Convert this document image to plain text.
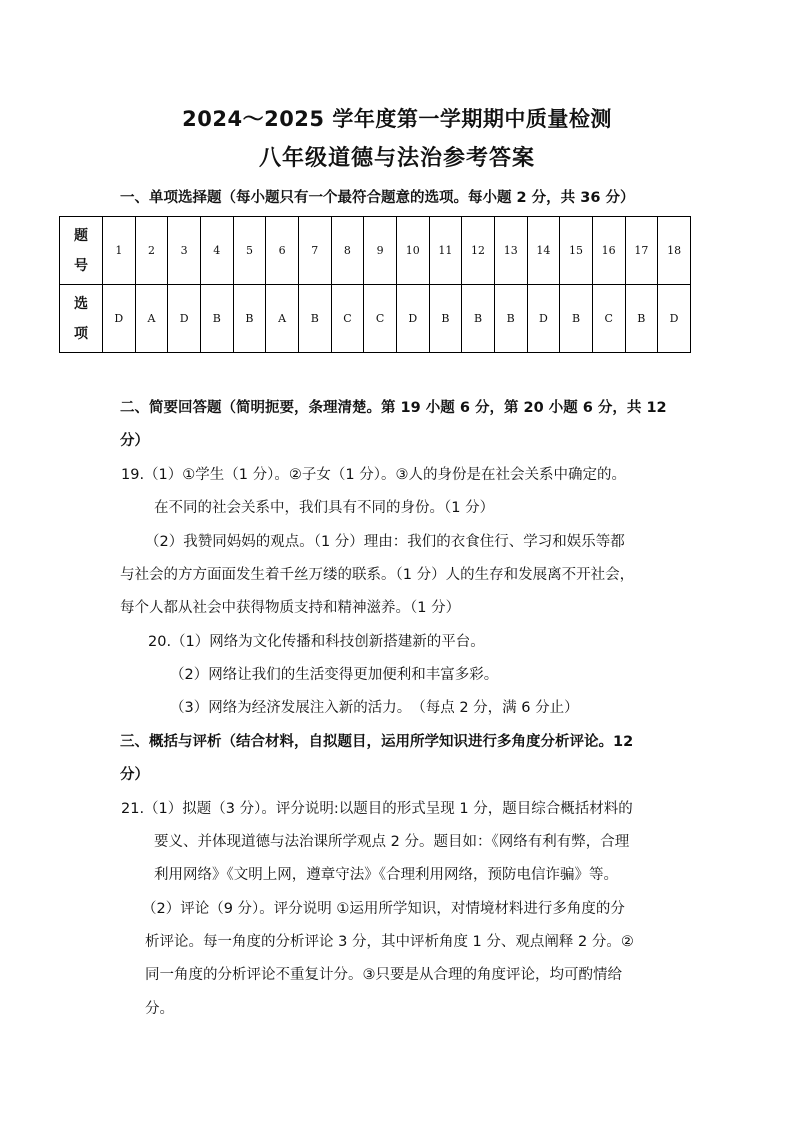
2024～2025 学年度第一学期期中质量检测
八年级道德与法治参考答案
一、单项选择题（每小题只有一个最符合题意的选项。每小题 2 分，共 36 分）
题
号	1	2	3	4	5	6	7	8	9	10	11	12	13	14	15	16	17	18

选
项	D	A	D	B	B	A	B	C	C	D	B	B	B	D	B	C	B	D
二、简要回答题（简明扼要，条理清楚。第 19 小题 6 分，第 20 小题 6 分，共 12
分）
19.（1）①学生（1 分）。②子女（1 分）。③人的身份是在社会关系中确定的。
在不同的社会关系中，我们具有不同的身份。（1 分）
（2）我赞同妈妈的观点。（1 分）理由：我们的衣食住行、学习和娱乐等都
与社会的方方面面发生着千丝万缕的联系。（1 分）人的生存和发展离不开社会，
每个人都从社会中获得物质支持和精神滋养。（1 分）
20.（1）网络为文化传播和科技创新搭建新的平台。
（2）网络让我们的生活变得更加便利和丰富多彩。
（3）网络为经济发展注入新的活力。　（每点 2 分，满 6 分止）
三、概括与评析（结合材料，自拟题目，运用所学知识进行多角度分析评论。12
分）
21.（1）拟题（3 分）。评分说明:以题目的形式呈现 1 分，题目综合概括材料的
要义、并体现道德与法治课所学观点 2 分。题目如：《网络有利有弊，合理
利用网络》《文明上网，遵章守法》《合理利用网络，预防电信诈骗》等。
（2）评论（9 分）。评分说明 ①运用所学知识，对情境材料进行多角度的分
析评论。每一角度的分析评论 3 分，其中评析角度 1 分、观点阐释 2 分。②
同一角度的分析评论不重复计分。③只要是从合理的角度评论，均可酌情给
分。
